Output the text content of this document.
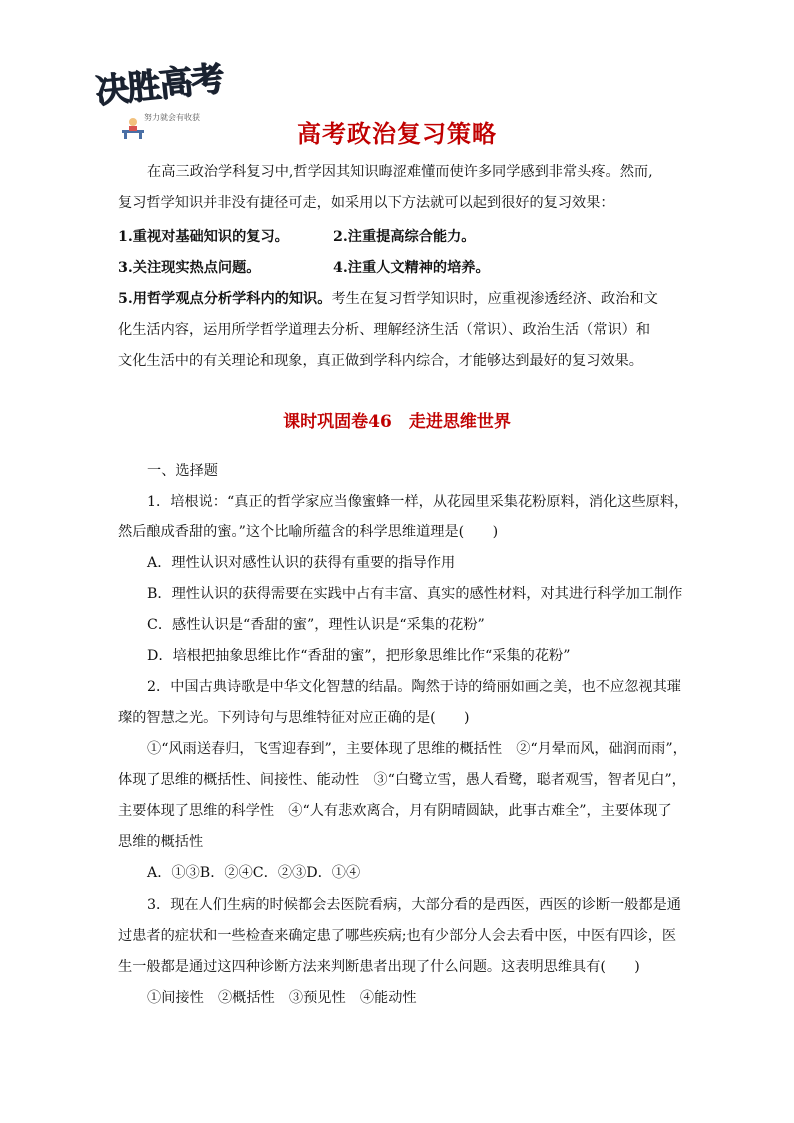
决胜高考
努力就会有收获
高考政治复习策略
在高三政治学科复习中,哲学因其知识晦涩难懂而使许多同学感到非常头疼。然而,
复习哲学知识并非没有捷径可走，如采用以下方法就可以起到很好的复习效果：
1.重视对基础知识的复习。	2.注重提高综合能力。
3.关注现实热点问题。	4.注重人文精神的培养。
5.用哲学观点分析学科内的知识。考生在复习哲学知识时，应重视渗透经济、政治和文
化生活内容，运用所学哲学道理去分析、理解经济生活（常识）、政治生活（常识）和
文化生活中的有关理论和现象，真正做到学科内综合，才能够达到最好的复习效果。
课时巩固卷46　走进思维世界
一、选择题
1．培根说：“真正的哲学家应当像蜜蜂一样，从花园里采集花粉原料，消化这些原料，
然后酿成香甜的蜜。”这个比喻所蕴含的科学思维道理是(　　)
A．理性认识对感性认识的获得有重要的指导作用
B．理性认识的获得需要在实践中占有丰富、真实的感性材料，对其进行科学加工制作
C．感性认识是“香甜的蜜”，理性认识是“采集的花粉”
D．培根把抽象思维比作“香甜的蜜”，把形象思维比作“采集的花粉”
2．中国古典诗歌是中华文化智慧的结晶。陶然于诗的绮丽如画之美，也不应忽视其璀
璨的智慧之光。下列诗句与思维特征对应正确的是(　　)
①“风雨送春归，飞雪迎春到”，主要体现了思维的概括性　②“月晕而风，础润而雨”，
体现了思维的概括性、间接性、能动性　③“白鹭立雪，愚人看鹭，聪者观雪，智者见白”，
主要体现了思维的科学性　④“人有悲欢离合，月有阴晴圆缺，此事古难全”，主要体现了
思维的概括性
A．①③B．②④C．②③D．①④
3．现在人们生病的时候都会去医院看病，大部分看的是西医，西医的诊断一般都是通
过患者的症状和一些检查来确定患了哪些疾病;也有少部分人会去看中医，中医有四诊，医
生一般都是通过这四种诊断方法来判断患者出现了什么问题。这表明思维具有(　　)
①间接性　②概括性　③预见性　④能动性
